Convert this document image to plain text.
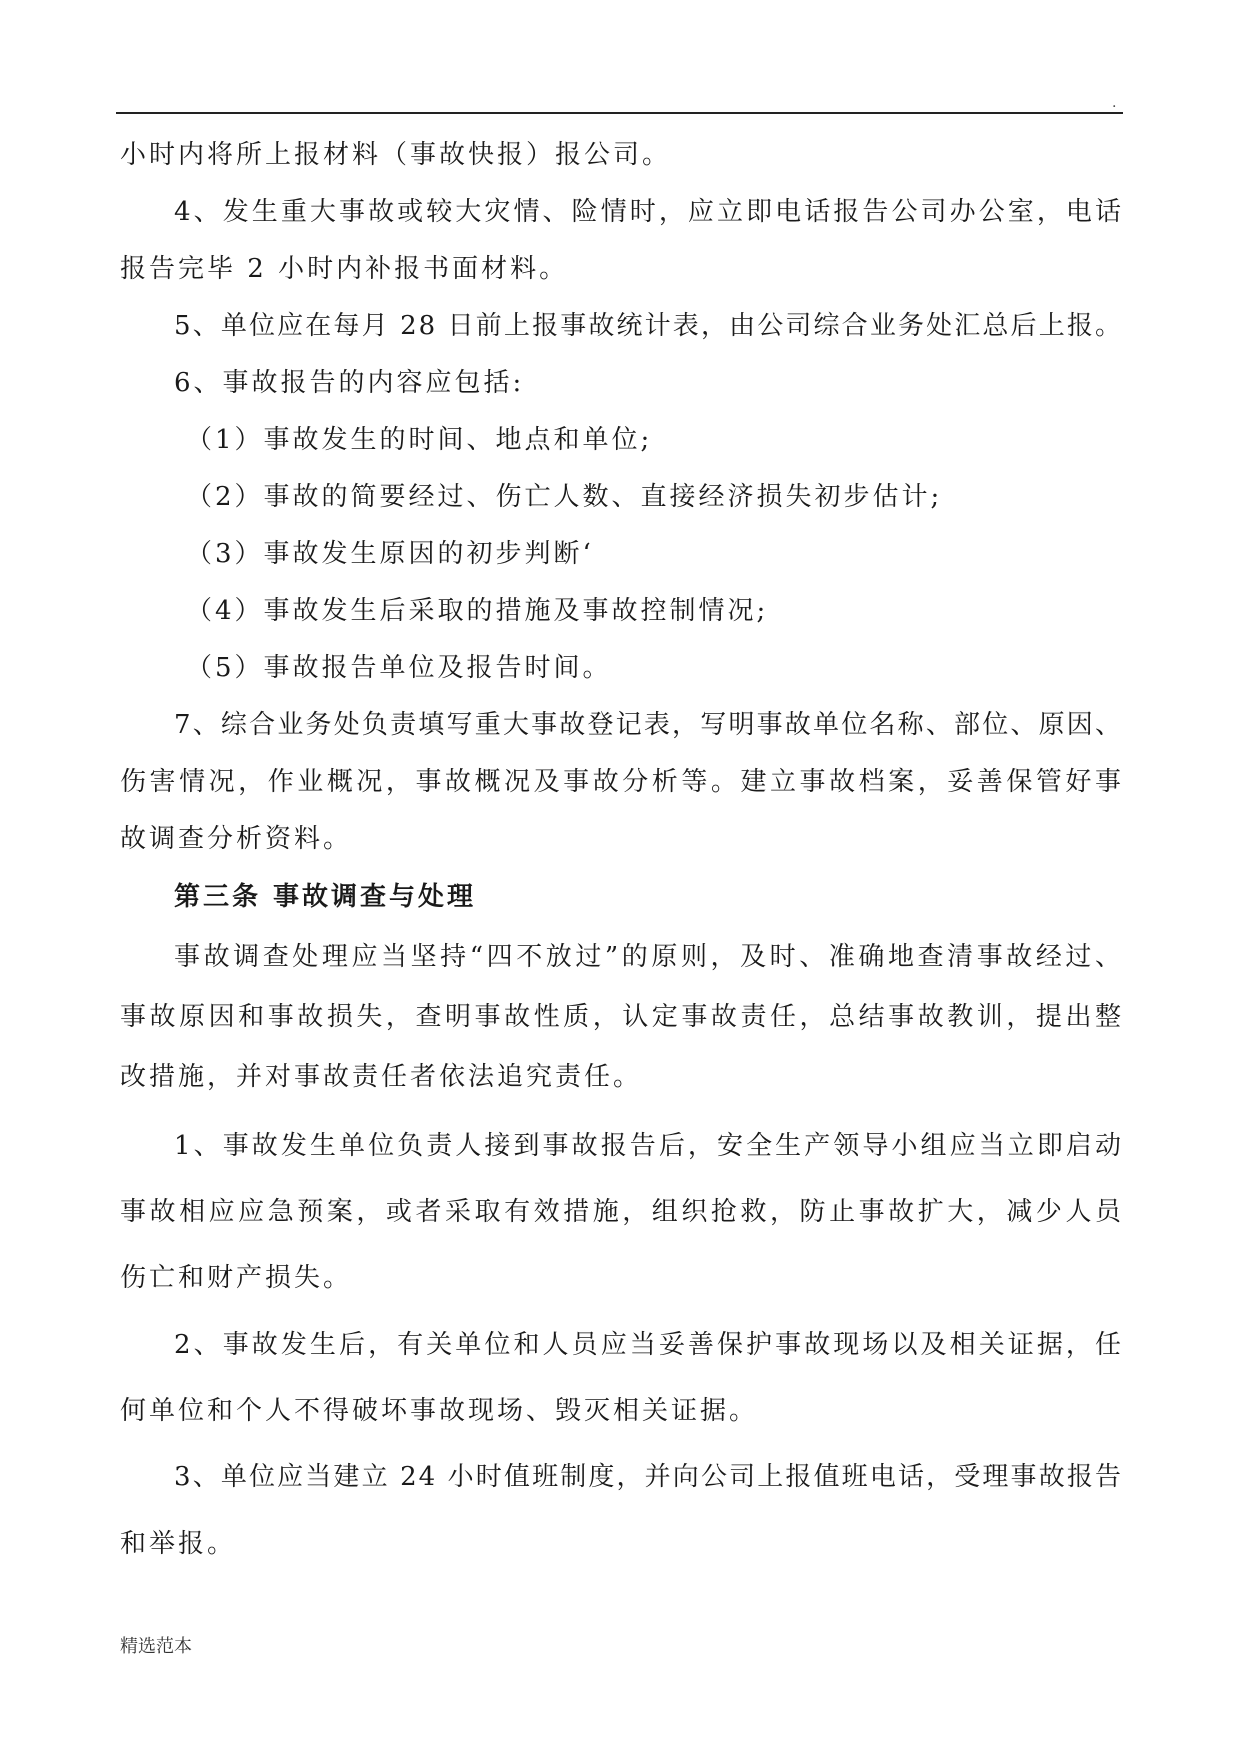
.
小时内将所上报材料（事故快报）报公司。
4、发生重大事故或较大灾情、险情时，应立即电话报告公司办公室，电话
报告完毕 2 小时内补报书面材料。
5、单位应在每月 28 日前上报事故统计表，由公司综合业务处汇总后上报。
6、事故报告的内容应包括:
（1）事故发生的时间、地点和单位;
（2）事故的简要经过、伤亡人数、直接经济损失初步估计;
（3）事故发生原因的初步判断‘
（4）事故发生后采取的措施及事故控制情况;
（5）事故报告单位及报告时间。
7、综合业务处负责填写重大事故登记表，写明事故单位名称、部位、原因、
伤害情况，作业概况，事故概况及事故分析等。建立事故档案，妥善保管好事
故调查分析资料。
第三条 事故调查与处理
事故调查处理应当坚持“四不放过”的原则，及时、准确地查清事故经过、
事故原因和事故损失，查明事故性质，认定事故责任，总结事故教训，提出整
改措施，并对事故责任者依法追究责任。
1、事故发生单位负责人接到事故报告后，安全生产领导小组应当立即启动
事故相应应急预案，或者采取有效措施，组织抢救，防止事故扩大，减少人员
伤亡和财产损失。
2、事故发生后，有关单位和人员应当妥善保护事故现场以及相关证据，任
何单位和个人不得破坏事故现场、毁灭相关证据。
3、单位应当建立 24 小时值班制度，并向公司上报值班电话，受理事故报告
和举报。
精选范本
